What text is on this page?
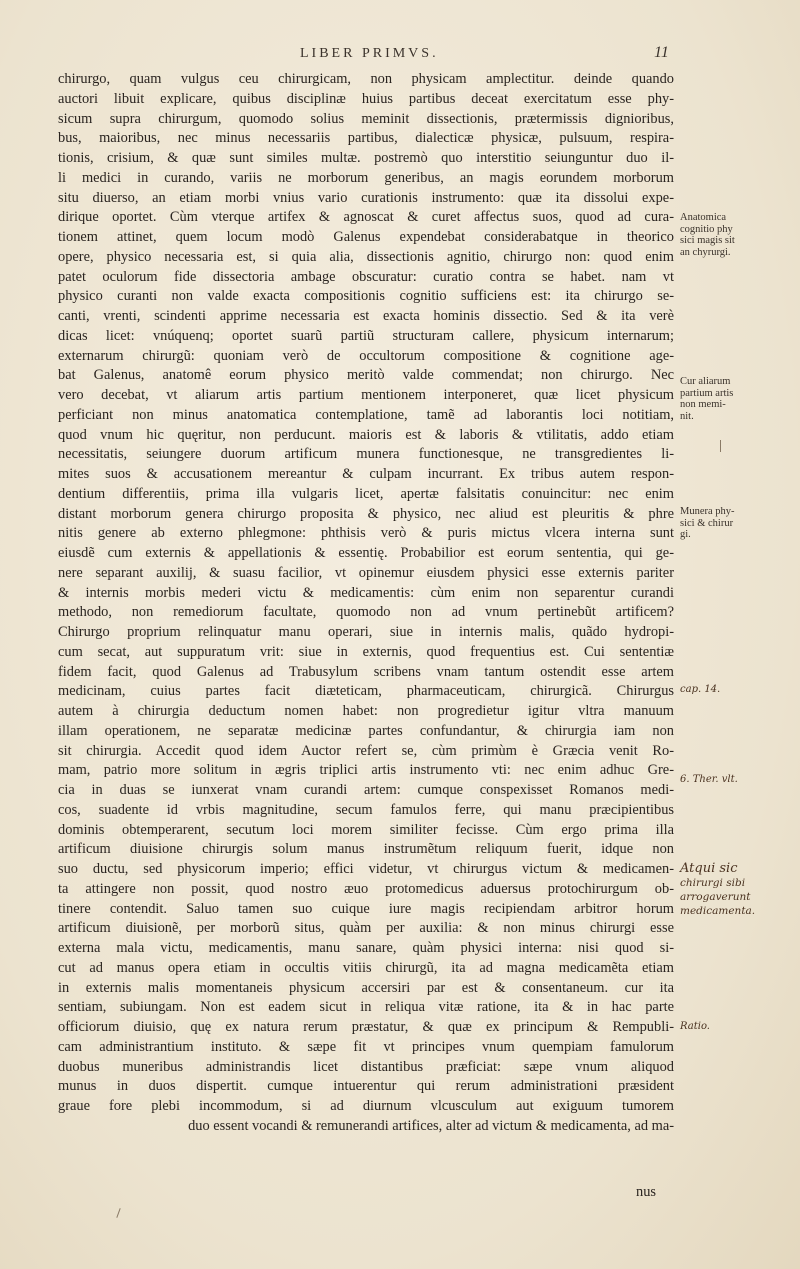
LIBER PRIMVS.	11
chirurgo, quam vulgus ceu chirurgicam, non physicam amplectitur. deinde quando
auctori libuit explicare, quibus disciplinæ huius partibus deceat exercitatum esse phy-
sicum supra chirurgum, quomodo solius meminit dissectionis, prætermissis dignioribus,
bus, maioribus, nec minus necessariis partibus, dialecticæ physicæ, pulsuum, respira-
tionis, crisium, & quæ sunt similes multæ. postremò quo interstitio seiunguntur duo il-
li medici in curando, variis ne morborum generibus, an magis eorundem morborum
situ diuerso, an etiam morbi vnius vario curationis instrumento: quæ ita dissolui expe-
dirique oportet. Cùm vterque artifex & agnoscat & curet affectus suos, quod ad cura-
tionem attinet, quem locum modò Galenus expendebat considerabatque in theorico
opere, physico necessaria est, si quia alia, dissectionis agnitio, chirurgo non: quod enim
patet oculorum fide dissectoria ambage obscuratur: curatio contra se habet. nam vt
physico curanti non valde exacta compositionis cognitio sufficiens est: ita chirurgo se-
canti, vrenti, scindenti apprime necessaria est exacta hominis dissectio. Sed & ita verè
dicas licet: vnúquenq; oportet suarũ partiũ structuram callere, physicum internarum;
externarum chirurgũ: quoniam verò de occultorum compositione & cognitione age-
bat Galenus, anatomê eorum physico meritò valde commendat; non chirurgo. Nec
vero decebat, vt aliarum artis partium mentionem interponeret, quæ licet physicum
perficiant non minus anatomatica contemplatione, tamẽ ad laborantis loci notitiam,
quod vnum hic quęritur, non perducunt. maioris est & laboris & vtilitatis, addo etiam
necessitatis, seiungere duorum artificum munera functionesque, ne transgredientes li-
mites suos & accusationem mereantur & culpam incurrant. Ex tribus autem respon-
dentium differentiis, prima illa vulgaris licet, apertæ falsitatis conuincitur: nec enim
distant morborum genera chirurgo proposita & physico, nec aliud est pleuritis & phre
nitis genere ab externo phlegmone: phthisis verò & puris mictus vlcera interna sunt
eiusdẽ cum externis & appellationis & essentię. Probabilior est eorum sententia, qui ge-
nere separant auxilij, & suasu facilior, vt opinemur eiusdem physici esse externis pariter
& internis morbis mederi victu & medicamentis: cùm enim non separentur curandi
methodo, non remediorum facultate, quomodo non ad vnum pertinebũt artificem?
Chirurgo proprium relinquatur manu operari, siue in internis malis, quãdo hydropi-
cum secat, aut suppuratum vrit: siue in externis, quod frequentius est. Cui sententiæ
fidem facit, quod Galenus ad Trabusylum scribens vnam tantum ostendit esse artem
medicinam, cuius partes facit diæteticam, pharmaceuticam, chirurgicã. Chirurgus
autem à chirurgia deductum nomen habet: non progredietur igitur vltra manuum
illam operationem, ne separatæ medicinæ partes confundantur, & chirurgia iam non
sit chirurgia. Accedit quod idem Auctor refert se, cùm primùm è Græcia venit Ro-
mam, patrio more solitum in ægris triplici artis instrumento vti: nec enim adhuc Gre-
cia in duas se iunxerat vnam curandi artem: cumque conspexisset Romanos medi-
cos, suadente id vrbis magnitudine, secum famulos ferre, qui manu præcipientibus
dominis obtemperarent, secutum loci morem similiter fecisse. Cùm ergo prima illa
artificum diuisione chirurgis solum manus instrumẽtum reliquum fuerit, idque non
suo ductu, sed physicorum imperio; effici videtur, vt chirurgus victum & medicamen-
ta attingere non possit, quod nostro æuo protomedicus aduersus protochirurgum ob-
tinere contendit. Saluo tamen suo cuique iure magis recipiendam arbitror horum
artificum diuisionẽ, per morborũ situs, quàm per auxilia: & non minus chirurgi esse
externa mala victu, medicamentis, manu sanare, quàm physici interna: nisi quod si-
cut ad manus opera etiam in occultis vitiis chirurgũ, ita ad magna medicamẽta etiam
in externis malis momentaneis physicum accersiri par est & consentaneum. cur ita
sentiam, subiungam. Non est eadem sicut in reliqua vitæ ratione, ita & in hac parte
officiorum diuisio, quę ex natura rerum præstatur, & quæ ex principum & Rempubli-
cam administrantium instituto. & sæpe fit vt principes vnum quempiam famulorum
duobus muneribus administrandis licet distantibus præficiat: sæpe vnum aliquod
munus in duos dispertit. cumque intuerentur qui rerum administrationi præsident
graue fore plebi incommodum, si ad diurnum vlcusculum aut exiguum tumorem
duo essent vocandi & remunerandi artifices, alter ad victum & medicamenta, ad ma-
Anatomica
cognitio phy
sici magis sit
an chyrurgi.
Cur aliarum
partium artis
non memi-
nit.
Munera phy-
sici & chirur
gi.
cap. 14.
6. Ther. vlt.
Atqui sic
chirurgi sibi
arrogaverunt
medicamenta.
Ratio.
nus
